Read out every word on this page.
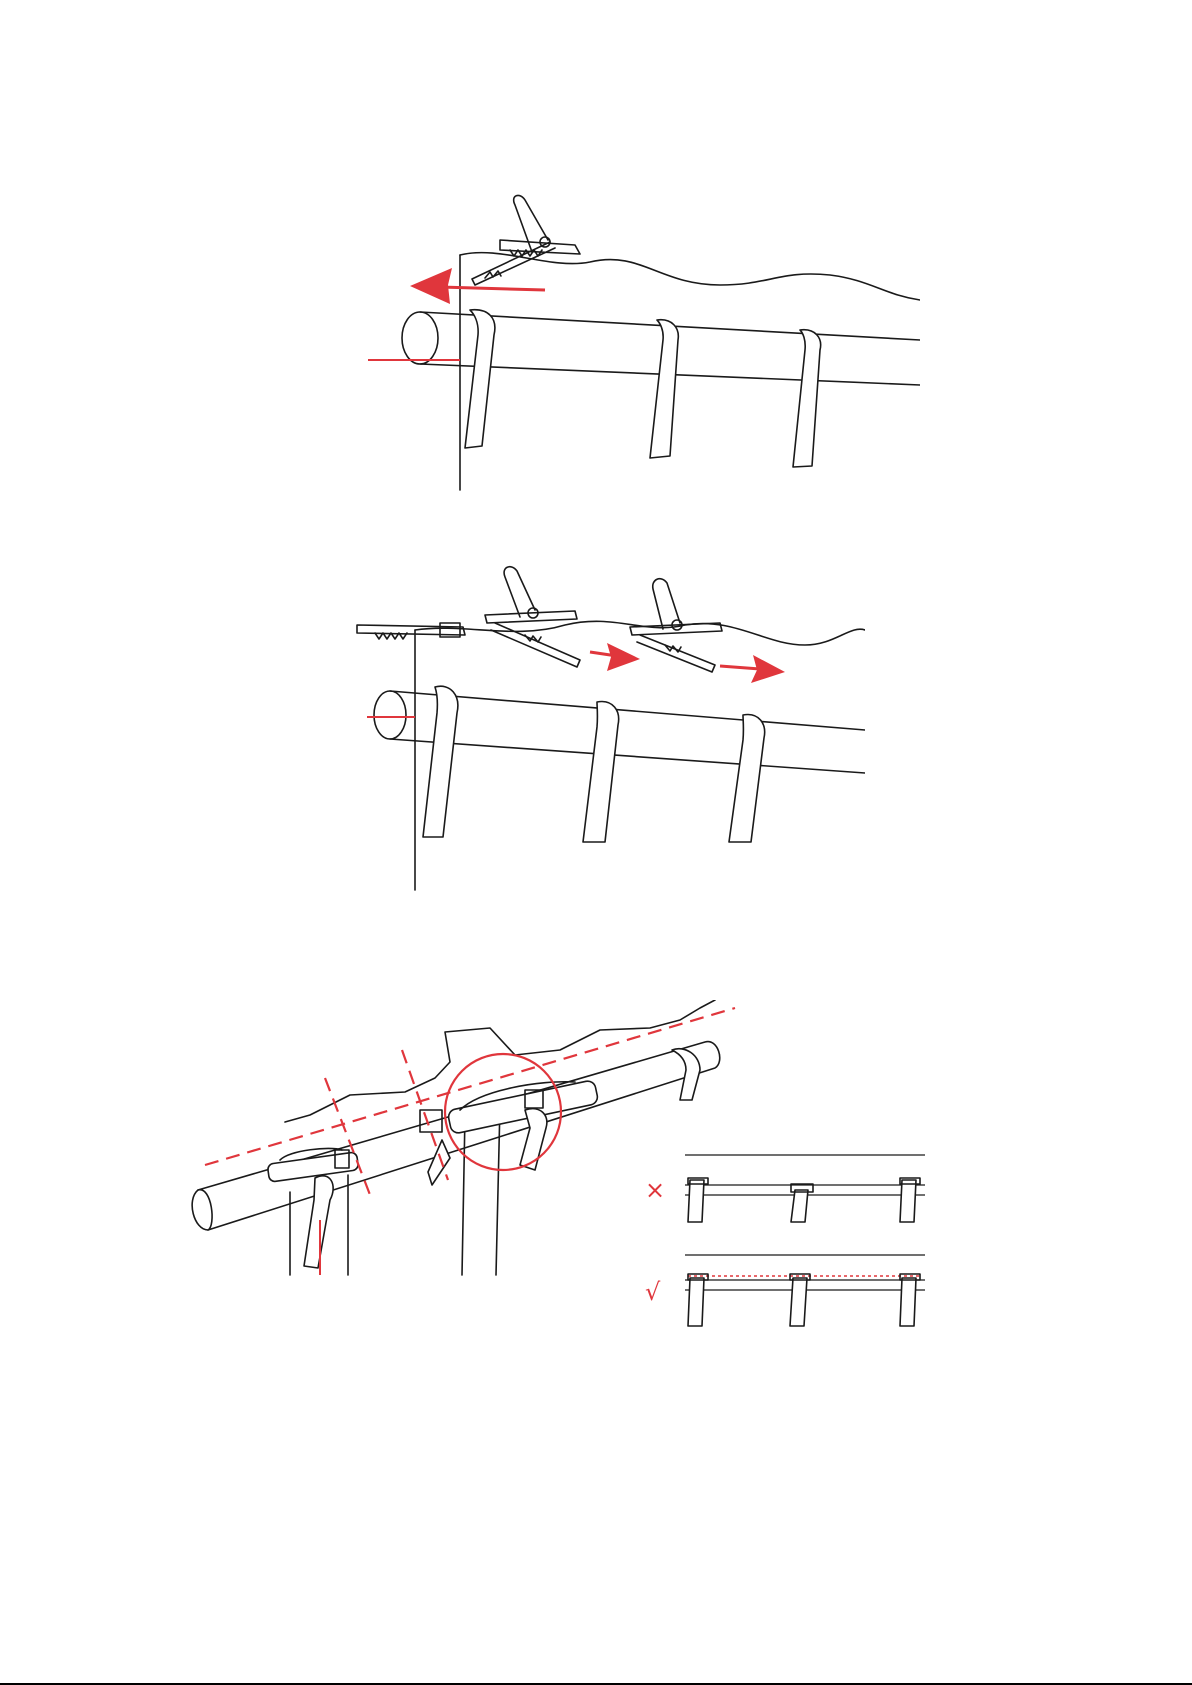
×
√
